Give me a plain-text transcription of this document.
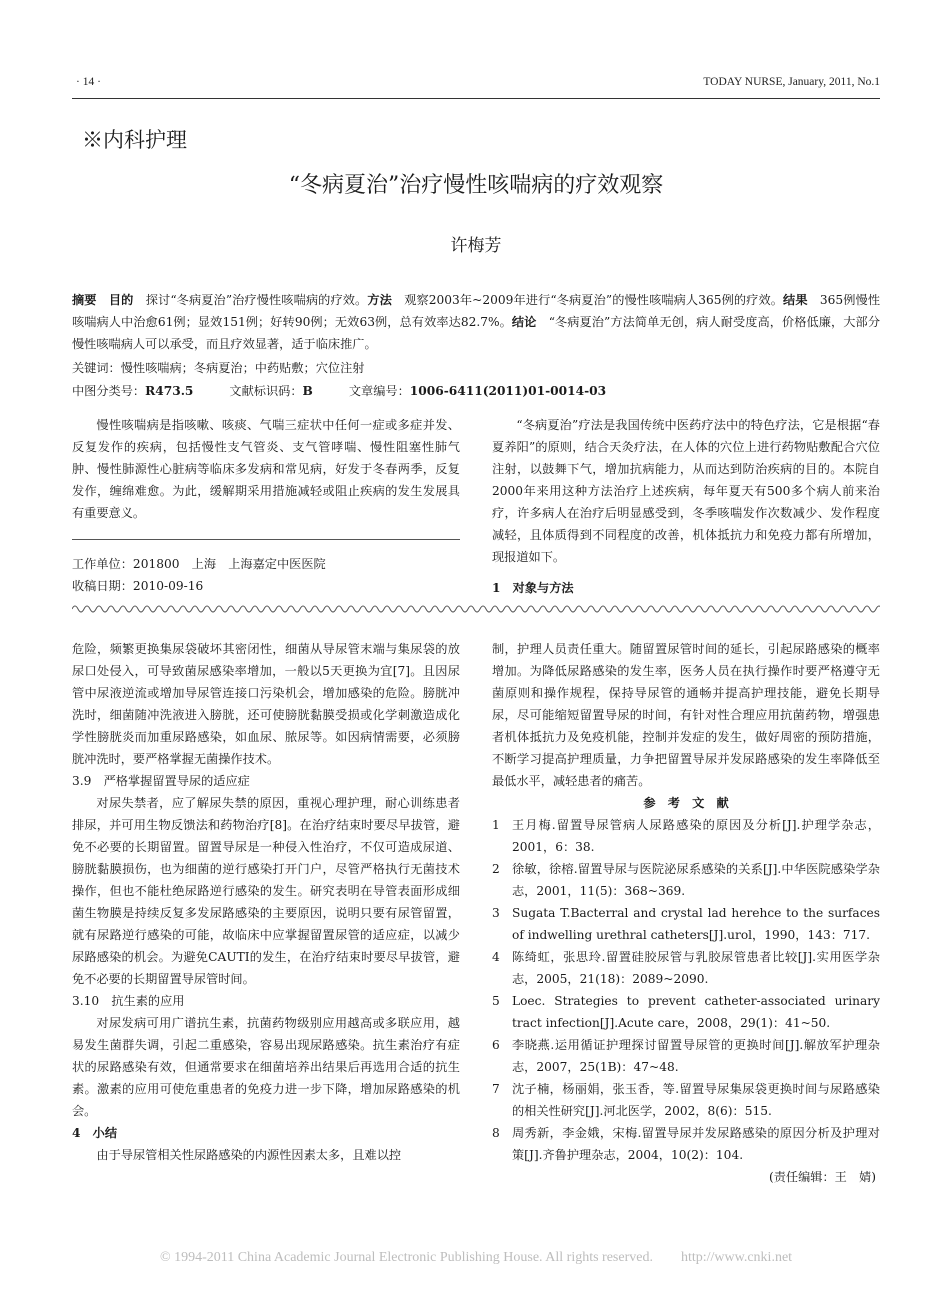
· 14 ·	TODAY NURSE, January, 2011, No.1
※内科护理
“冬病夏治”治疗慢性咳喘病的疗效观察
许梅芳
摘要　 目的　 探讨“冬病夏治”治疗慢性咳喘病的疗效。方法　 观察2003年~2009年进行“冬病夏治”的慢性咳喘病人365例的疗效。结果　 365例慢性咳喘病人中治愈61例；显效151例；好转90例；无效63例，总有效率达82.7%。结论　 “冬病夏治”方法简单无创，病人耐受度高，价格低廉，大部分慢性咳喘病人可以承受，而且疗效显著，适于临床推广。
关键词：慢性咳喘病；冬病夏治；中药贴敷；穴位注射
中图分类号：R473.5	文献标识码：B	文章编号：1006-6411(2011)01-0014-03
慢性咳喘病是指咳嗽、咳痰、气喘三症状中任何一症或多症并发、反复发作的疾病，包括慢性支气管炎、支气管哮喘、慢性阻塞性肺气肿、慢性肺源性心脏病等临床多发病和常见病，好发于冬春两季，反复发作，缠绵难愈。为此，缓解期采用措施减轻或阻止疾病的发生发展具有重要意义。
工作单位：201800　上海　上海嘉定中医医院
收稿日期：2010-09-16
“冬病夏治”疗法是我国传统中医药疗法中的特色疗法，它是根据“春夏养阳”的原则，结合天灸疗法，在人体的穴位上进行药物贴敷配合穴位注射，以鼓舞下气，增加抗病能力，从而达到防治疾病的目的。本院自2000年来用这种方法治疗上述疾病，每年夏天有500多个病人前来治疗，许多病人在治疗后明显感受到，冬季咳喘发作次数减少、发作程度减轻，且体质得到不同程度的改善，机体抵抗力和免疫力都有所增加，现报道如下。
1　对象与方法
危险，频繁更换集尿袋破坏其密闭性，细菌从导尿管末端与集尿袋的放尿口处侵入，可导致菌尿感染率增加，一般以5天更换为宜[7]。且因尿管中尿液逆流或增加导尿管连接口污染机会，增加感染的危险。膀胱冲洗时，细菌随冲洗液进入膀胱，还可使膀胱黏膜受损或化学刺激造成化学性膀胱炎而加重尿路感染，如血尿、脓尿等。如因病情需要，必须膀胱冲洗时，要严格掌握无菌操作技术。
3.9　严格掌握留置导尿的适应症
对尿失禁者，应了解尿失禁的原因，重视心理护理，耐心训练患者排尿，并可用生物反馈法和药物治疗[8]。在治疗结束时要尽早拔管，避免不必要的长期留置。留置导尿是一种侵入性治疗，不仅可造成尿道、膀胱黏膜损伤，也为细菌的逆行感染打开门户，尽管严格执行无菌技术操作，但也不能杜绝尿路逆行感染的发生。研究表明在导管表面形成细菌生物膜是持续反复多发尿路感染的主要原因，说明只要有尿管留置，就有尿路逆行感染的可能，故临床中应掌握留置尿管的适应症，以减少尿路感染的机会。为避免CAUTI的发生，在治疗结束时要尽早拔管，避免不必要的长期留置导尿管时间。
3.10　抗生素的应用
对尿发病可用广谱抗生素，抗菌药物级别应用越高或多联应用，越易发生菌群失调，引起二重感染，容易出现尿路感染。抗生素治疗有症状的尿路感染有效，但通常要求在细菌培养出结果后再选用合适的抗生素。激素的应用可使危重患者的免疫力进一步下降，增加尿路感染的机会。
4　小结
由于导尿管相关性尿路感染的内源性因素太多，且难以控
制，护理人员责任重大。随留置尿管时间的延长，引起尿路感染的概率增加。为降低尿路感染的发生率，医务人员在执行操作时要严格遵守无菌原则和操作规程，保持导尿管的通畅并提高护理技能，避免长期导尿，尽可能缩短留置导尿的时间，有针对性合理应用抗菌药物，增强患者机体抵抗力及免疫机能，控制并发症的发生，做好周密的预防措施，不断学习提高护理质量，力争把留置导尿并发尿路感染的发生率降低至最低水平，减轻患者的痛苦。
参　考　文　献
1	王月梅.留置导尿管病人尿路感染的原因及分析[J].护理学杂志，2001，6：38.
2	徐敏，徐榕.留置导尿与医院泌尿系感染的关系[J].中华医院感染学杂志，2001，11(5)：368~369.
3	Sugata T.Bacterral and crystal lad herehce to the surfaces of indwelling urethral catheters[J].urol，1990，143：717.
4	陈绮虹，张思玲.留置硅胶尿管与乳胶尿管患者比较[J].实用医学杂志，2005，21(18)：2089~2090.
5	Loec. Strategies to prevent catheter-associated urinary tract infection[J].Acute care，2008，29(1)：41~50.
6	李晓燕.运用循证护理探讨留置导尿管的更换时间[J].解放军护理杂志，2007，25(1B)：47~48.
7	沈子楠，杨丽娟，张玉香，等.留置导尿集尿袋更换时间与尿路感染的相关性研究[J].河北医学，2002，8(6)：515.
8	周秀新，李金娥，宋梅.留置导尿并发尿路感染的原因分析及护理对策[J].齐鲁护理杂志，2004，10(2)：104.
(责任编辑：王　婧)
© 1994-2011 China Academic Journal Electronic Publishing House. All rights reserved.　　http://www.cnki.net
